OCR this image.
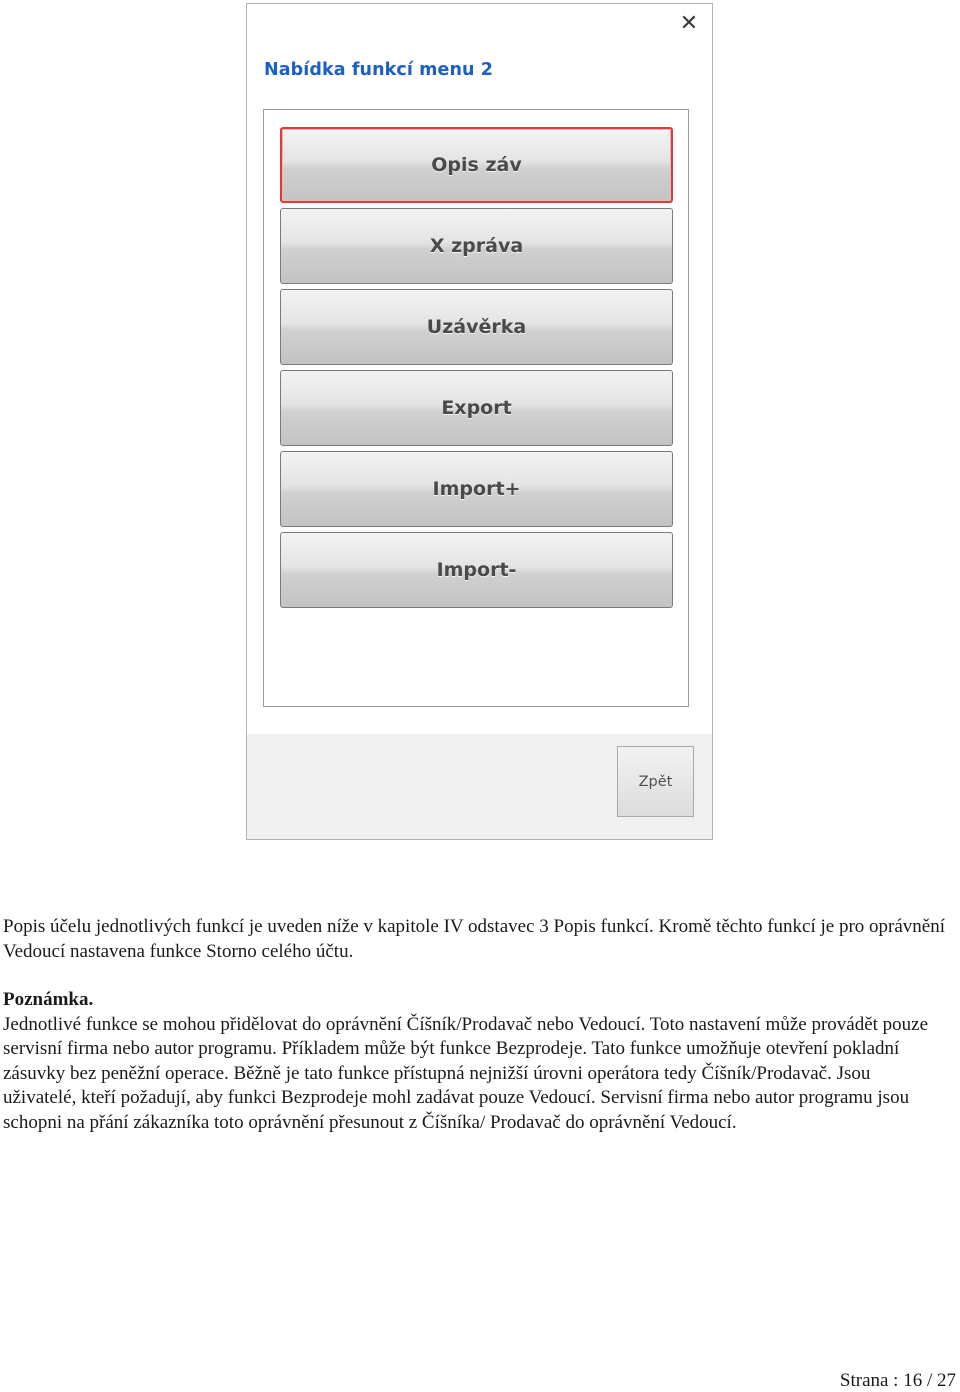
✕
Nabídka funkcí menu 2
Opis záv
X zpráva
Uzávěrka
Export
Import+
Import-
Zpět

Popis účelu jednotlivých funkcí je uveden níže v kapitole IV odstavec 3 Popis funkcí. Kromě těchto funkcí je pro oprávnění Vedoucí nastavena funkce Storno celého účtu.

Poznámka.
Jednotlivé funkce se mohou přidělovat do oprávnění Číšník/Prodavač nebo Vedoucí. Toto nastavení může provádět pouze servisní firma nebo autor programu. Příkladem může být funkce Bezprodeje. Tato funkce umožňuje otevření pokladní zásuvky bez peněžní operace. Běžně je tato funkce přístupná nejnižší úrovni operátora tedy Číšník/Prodavač. Jsou uživatelé, kteří požadují, aby funkci Bezprodeje mohl zadávat pouze Vedoucí. Servisní firma nebo autor programu jsou schopni na přání zákazníka toto oprávnění přesunout z Číšníka/ Prodavač do oprávnění Vedoucí.

Strana : 16 / 27
